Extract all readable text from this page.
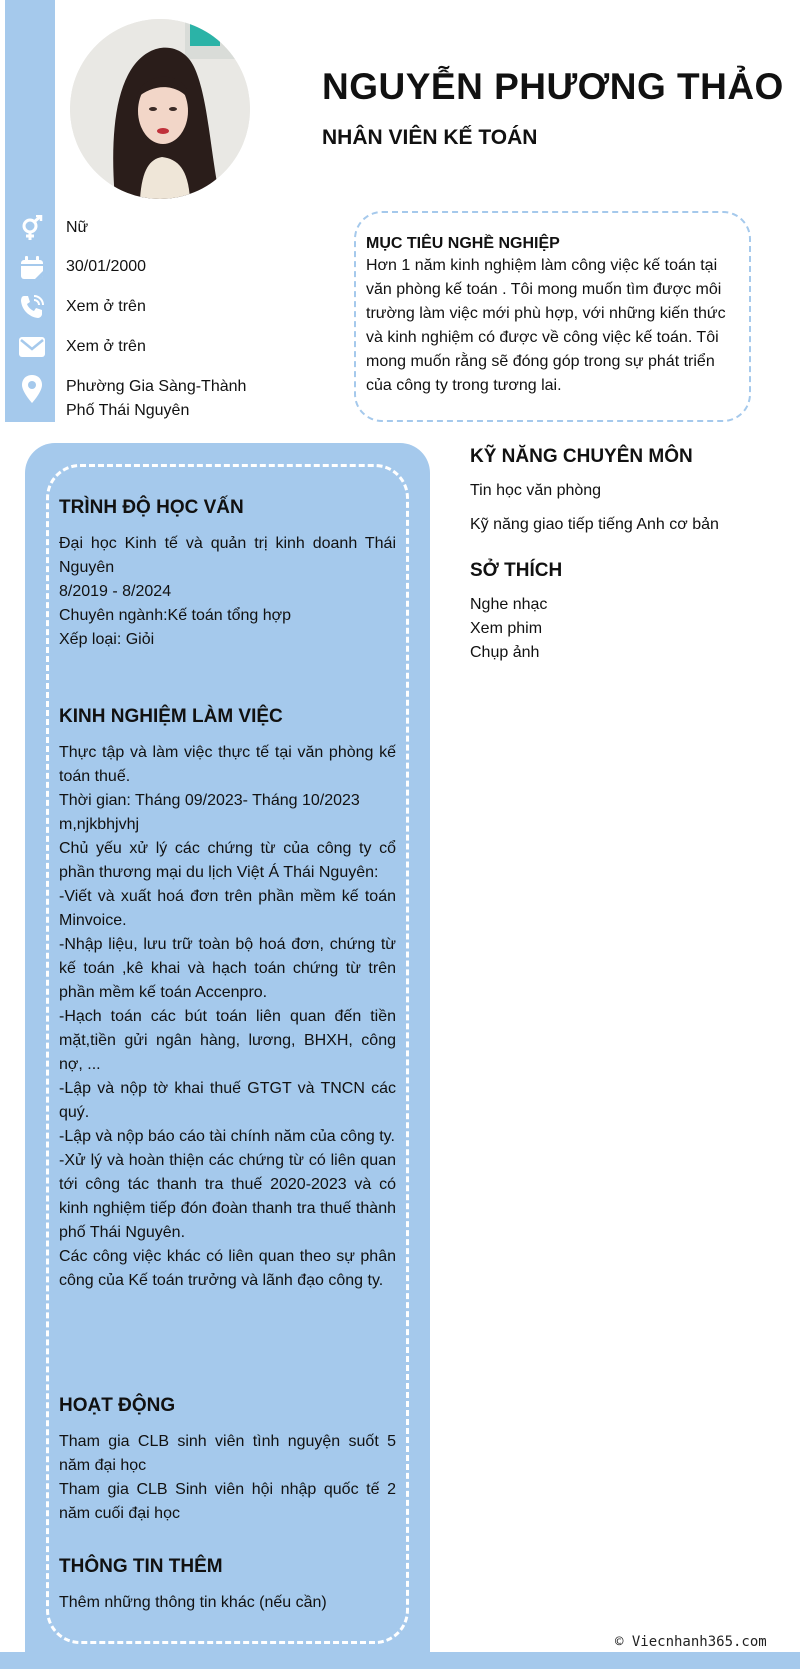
NGUYỄN PHƯƠNG THẢO
NHÂN VIÊN KẾ TOÁN
Nữ
30/01/2000
Xem ở trên
Xem ở trên
Phường Gia Sàng-Thành Phố Thái Nguyên
MỤC TIÊU NGHỀ NGHIỆP

Hơn 1 năm kinh nghiệm làm công việc kế toán tại văn phòng kế toán . Tôi mong muốn tìm được môi trường làm việc mới phù hợp, với những kiến thức và kinh nghiệm có được về công việc kế toán. Tôi mong muốn rằng sẽ đóng góp trong sự phát triển của công ty trong tương lai.

TRÌNH ĐỘ HỌC VẤN
Đại học Kinh tế và quản trị kinh doanh Thái Nguyên
8/2019 - 8/2024
Chuyên ngành:Kế toán tổng hợp
Xếp loại: Giỏi
KINH NGHIỆM LÀM VIỆC
Thực tập và làm việc thực tế tại văn phòng kế toán thuế.
Thời gian: Tháng 09/2023- Tháng 10/2023
m,njkbhjvhj
Chủ yếu xử lý các chứng từ của công ty cổ phần thương mại du lịch Việt Á Thái Nguyên:
-Viết và xuất hoá đơn trên phần mềm kế toán Minvoice.
-Nhập liệu, lưu trữ toàn bộ hoá đơn, chứng từ kế toán ,kê khai và hạch toán chứng từ trên phần mềm kế toán Accenpro.
-Hạch toán các bút toán liên quan đến tiền mặt,tiền gửi ngân hàng, lương, BHXH, công nợ, ...
-Lập và nộp tờ khai thuế GTGT và TNCN các quý.
-Lập và nộp báo cáo tài chính năm của công ty.
-Xử lý và hoàn thiện các chứng từ có liên quan tới công tác thanh tra thuế 2020-2023 và có kinh nghiệm tiếp đón đoàn thanh tra thuế thành phố Thái Nguyên.
Các công việc khác có liên quan theo sự phân công của Kế toán trưởng và lãnh đạo công ty.
HOẠT ĐỘNG
Tham gia CLB sinh viên tình nguyện suốt 5 năm đại học
Tham gia CLB Sinh viên hội nhập quốc tế 2 năm cuối đại học
THÔNG TIN THÊM
Thêm những thông tin khác (nếu cần)
KỸ NĂNG CHUYÊN MÔN
Tin học văn phòng
Kỹ năng giao tiếp tiếng Anh cơ bản
SỞ THÍCH
Nghe nhạc
Xem phim
Chụp ảnh
© Viecnhanh365.com
